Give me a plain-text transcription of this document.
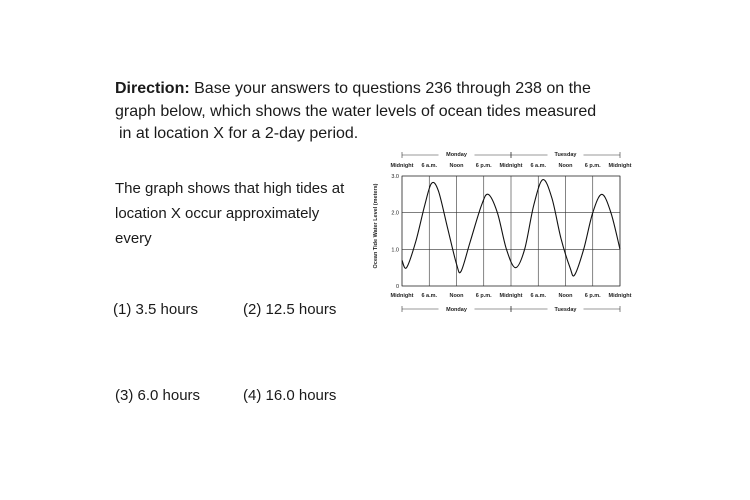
Direction: Base your answers to questions 236 through 238 on the
graph below, which shows the water levels of ocean tides measured
in at location X for a 2-day period.
The graph shows that high tides at
location X occur approximately
every
(1) 3.5 hours	(2) 12.5 hours
(3) 6.0 hours	(4) 16.0 hours
Midnight 6 a.m. Noon 6 p.m. Midnight 6 a.m. Noon 6 p.m. Midnight
Monday	Tuesday
Ocean Tide Water Level (meters)
0
1.0
2.0
3.0
Midnight 6 a.m. Noon 6 p.m. Midnight 6 a.m. Noon 6 p.m. Midnight
Monday	Tuesday
